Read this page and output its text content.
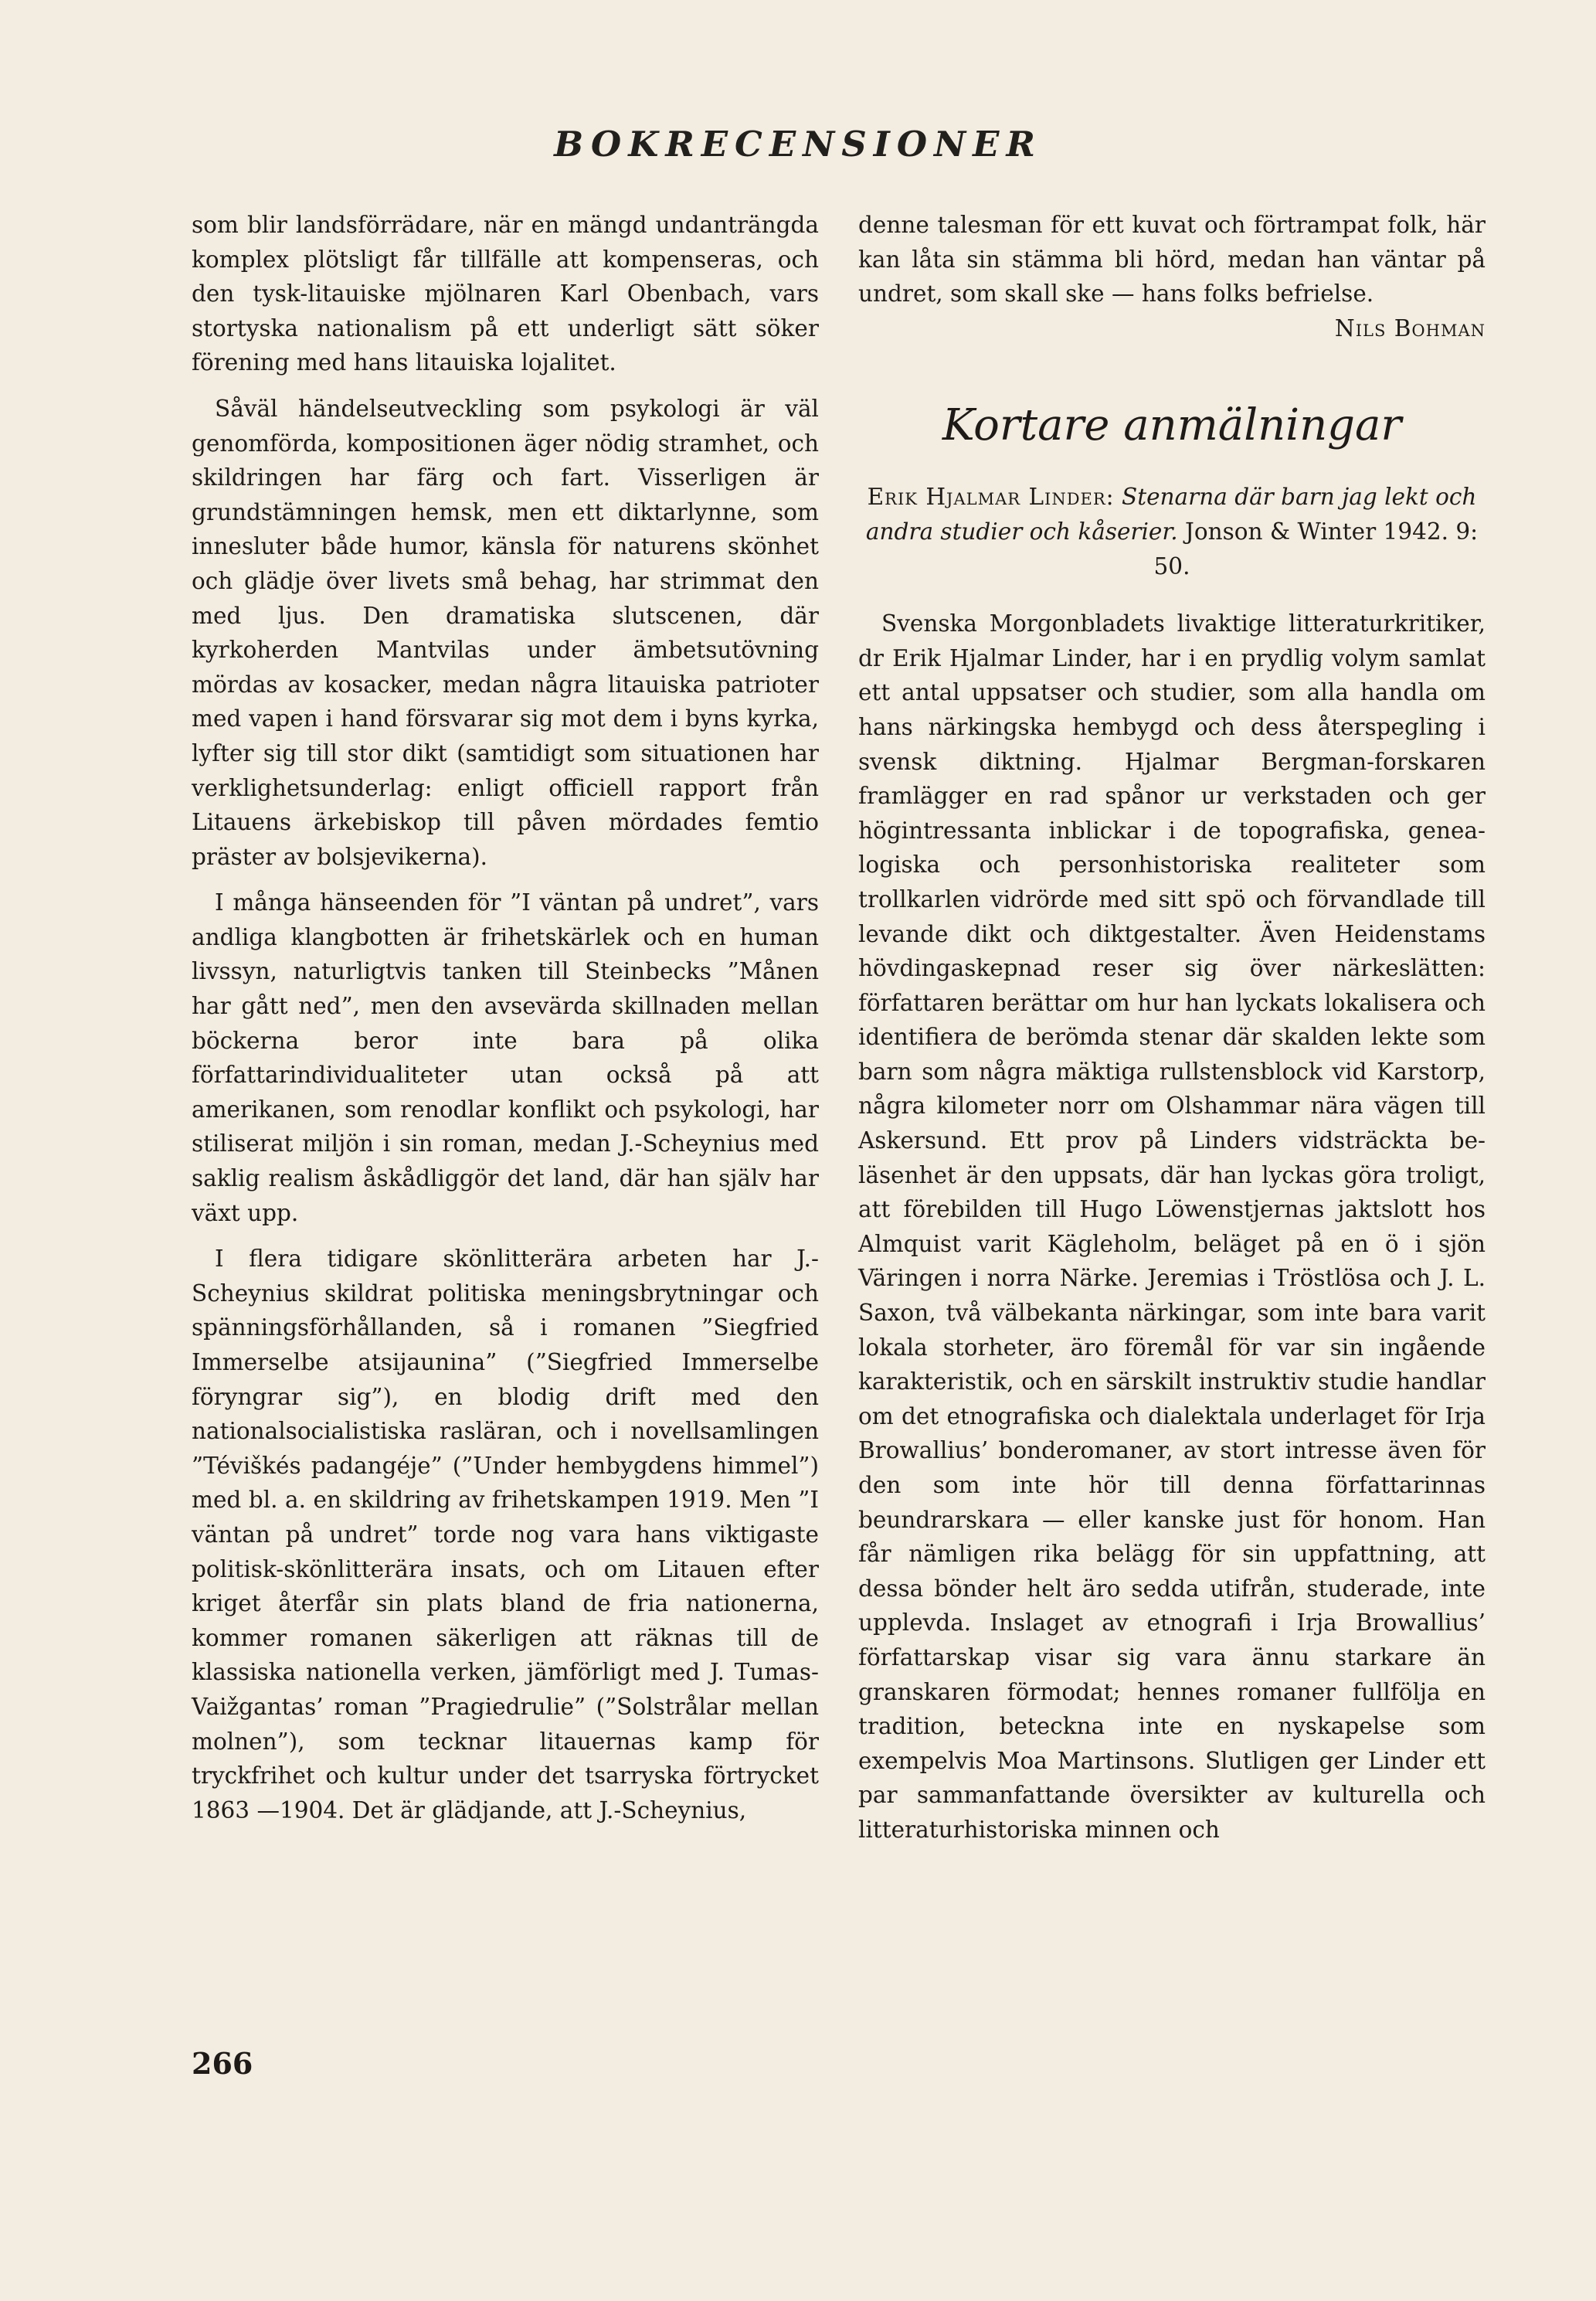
BOKRECENSIONER

som blir landsförrädare, när en mängd undanträngda komplex plötsligt får tillfälle att kompenseras, och den tysk-litauiske mjölnaren Karl Obenbach, vars stortyska nationalism på ett underligt sätt söker förening med hans litauiska lojalitet.

Såväl händelseutveckling som psykologi är väl genomförda, kompositionen äger nödig stramhet, och skildringen har färg och fart. Visserligen är grundstämningen hemsk, men ett diktarlynne, som innesluter både humor, känsla för naturens skönhet och glädje över livets små behag, har strimmat den med ljus. Den dramatiska slutscenen, där kyrkoherden Mantvilas under ämbetsutövning mördas av kosacker, medan några litauiska patrioter med vapen i hand försvarar sig mot dem i byns kyrka, lyfter sig till stor dikt (samtidigt som situationen har verklighetsunderlag: enligt officiell rapport från Litauens ärkebiskop till påven mördades femtio präster av bolsjevikerna).

I många hänseenden för ”I väntan på undret”, vars andliga klangbotten är frihetskärlek och en human livssyn, naturligtvis tanken till Steinbecks ”Månen har gått ned”, men den avsevärda skillnaden mellan böckerna beror inte bara på olika författarindividualiteter utan också på att amerikanen, som renodlar konflikt och psykologi, har stiliserat miljön i sin roman, medan J.-Scheynius med saklig realism åskådliggör det land, där han själv har växt upp.

I flera tidigare skönlitterära arbeten har J.-Scheynius skildrat politiska meningsbrytningar och spänningsförhållanden, så i romanen ”Siegfried Immerselbe atsijaunina” (”Siegfried Immerselbe föryngrar sig”), en blodig drift med den nationalsocialistiska rasläran, och i novellsamlingen ”Téviškés padangéje” (”Under hembygdens himmel”) med bl. a. en skildring av frihetskampen 1919. Men ”I väntan på undret” torde nog vara hans viktigaste politisk-skönlitterära insats, och om Litauen efter kriget återfår sin plats bland de fria nationerna, kommer romanen säkerligen att räknas till de klassiska nationella verken, jämförligt med J. Tumas-Vaižgantas’ roman ”Pragiedrulie” (”Solstrålar mellan molnen”), som tecknar litauernas kamp för tryckfrihet och kultur under det tsarryska förtrycket 1863 —1904. Det är glädjande, att J.-Scheynius,

denne talesman för ett kuvat och förtrampat folk, här kan låta sin stämma bli hörd, medan han väntar på undret, som skall ske — hans folks befrielse.
Nils Bohman

Kortare anmälningar
Erik Hjalmar Linder: Stenarna där barn jag lekt och andra studier och kåserier. Jonson & Winter 1942. 9: 50.

Svenska Morgonbladets livaktige litteraturkritiker, dr Erik Hjalmar Linder, har i en prydlig volym samlat ett antal uppsatser och studier, som alla handla om hans närkingska hembygd och dess återspegling i svensk diktning. Hjalmar Bergman-forskaren framlägger en rad spånor ur verkstaden och ger högintressanta inblickar i de topografiska, genealogiska och personhistoriska realiteter som trollkarlen vidrörde med sitt spö och förvandlade till levande dikt och diktgestalter. Även Heidenstams hövdingaskepnad reser sig över närkeslätten: författaren berättar om hur han lyckats lokalisera och identifiera de berömda stenar där skalden lekte som barn som några mäktiga rullstensblock vid Karstorp, några kilometer norr om Olshammar nära vägen till Askersund. Ett prov på Linders vidsträckta beläsenhet är den uppsats, där han lyckas göra troligt, att förebilden till Hugo Löwenstjernas jaktslott hos Almquist varit Kägleholm, beläget på en ö i sjön Väringen i norra Närke. Jeremias i Tröstlösa och J. L. Saxon, två välbekanta närkingar, som inte bara varit lokala storheter, äro föremål för var sin ingående karakteristik, och en särskilt instruktiv studie handlar om det etnografiska och dialektala underlaget för Irja Browallius’ bonderomaner, av stort intresse även för den som inte hör till denna författarinnas beundrarskara — eller kanske just för honom. Han får nämligen rika belägg för sin uppfattning, att dessa bönder helt äro sedda utifrån, studerade, inte upplevda. Inslaget av etnografi i Irja Browallius’ författarskap visar sig vara ännu starkare än granskaren förmodat; hennes romaner fullfölja en tradition, beteckna inte en nyskapelse som exempelvis Moa Martinsons. Slutligen ger Linder ett par sammanfattande översikter av kulturella och litteraturhistoriska minnen och

266
